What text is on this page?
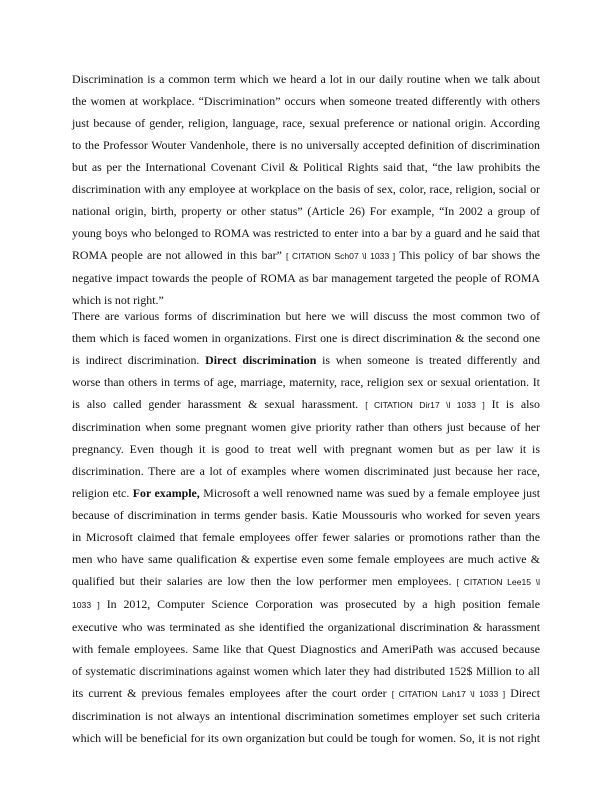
Discrimination is a common term which we heard a lot in our daily routine when we talk about
the women at workplace. “Discrimination” occurs when someone treated differently with others
just because of gender, religion, language, race, sexual preference or national origin. According
to the Professor Wouter Vandenhole, there is no universally accepted definition of discrimination
but as per the International Covenant Civil & Political Rights said that, “the law prohibits the
discrimination with any employee at workplace on the basis of sex, color, race, religion, social or
national origin, birth, property or other status” (Article 26) For example, “In 2002 a group of
young boys who belonged to ROMA was restricted to enter into a bar by a guard and he said that
ROMA people are not allowed in this bar” [ CITATION Sch07 \l 1033 ] This policy of bar shows the
negative impact towards the people of ROMA as bar management targeted the people of ROMA
which is not right.”

There are various forms of discrimination but here we will discuss the most common two of
them which is faced women in organizations. First one is direct discrimination & the second one
is indirect discrimination. Direct discrimination is when someone is treated differently and
worse than others in terms of age, marriage, maternity, race, religion sex or sexual orientation. It
is also called gender harassment & sexual harassment. [ CITATION Dir17 \l 1033 ] It is also
discrimination when some pregnant women give priority rather than others just because of her
pregnancy. Even though it is good to treat well with pregnant women but as per law it is
discrimination. There are a lot of examples where women discriminated just because her race,
religion etc. For example, Microsoft a well renowned name was sued by a female employee just
because of discrimination in terms gender basis. Katie Moussouris who worked for seven years
in Microsoft claimed that female employees offer fewer salaries or promotions rather than the
men who have same qualification & expertise even some female employees are much active &
qualified but their salaries are low then the low performer men employees. [ CITATION Lee15 \l
1033 ] In 2012, Computer Science Corporation was prosecuted by a high position female
executive who was terminated as she identified the organizational discrimination & harassment
with female employees. Same like that Quest Diagnostics and AmeriPath was accused because
of systematic discriminations against women which later they had distributed 152$ Million to all
its current & previous females employees after the court order [ CITATION Lah17 \l 1033 ] Direct
discrimination is not always an intentional discrimination sometimes employer set such criteria
which will be beneficial for its own organization but could be tough for women. So, it is not right
